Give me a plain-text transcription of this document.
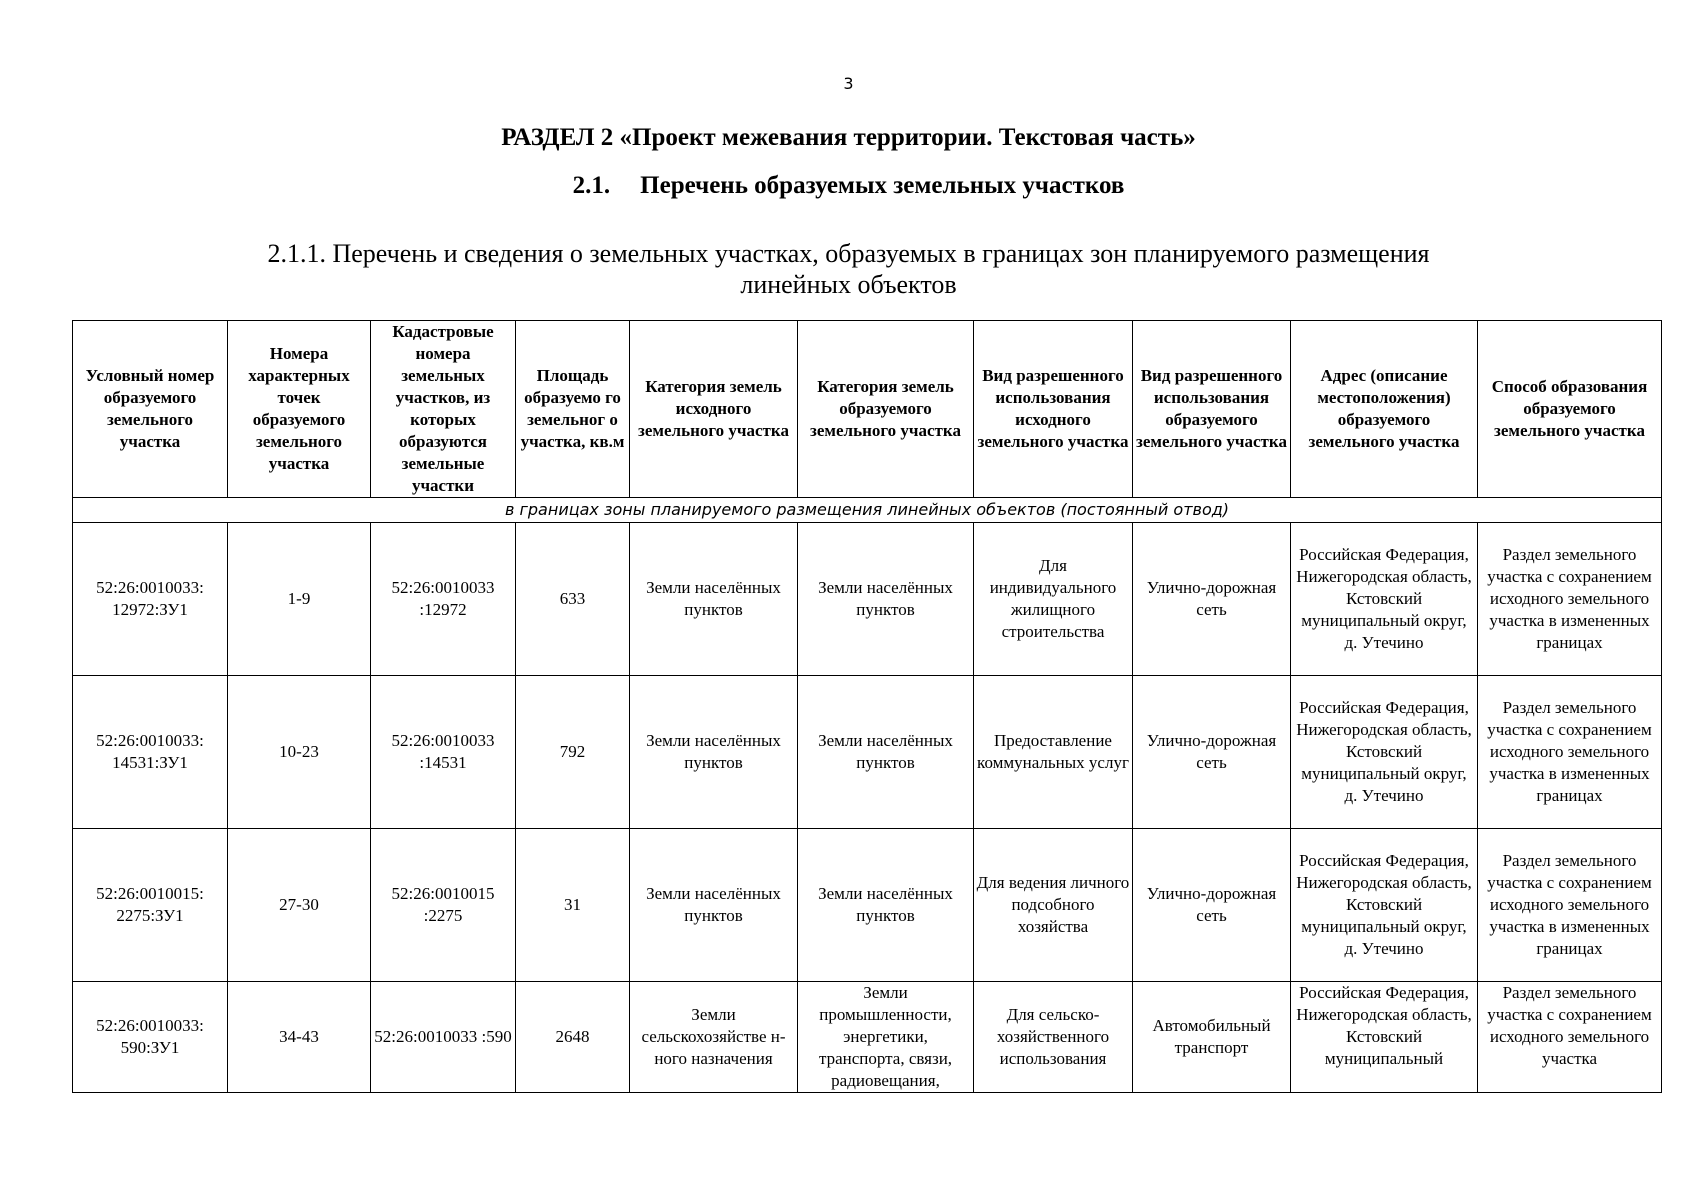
3
РАЗДЕЛ 2 «Проект межевания территории. Текстовая часть»
2.1. Перечень образуемых земельных участков
2.1.1. Перечень и сведения о земельных участках, образуемых в границах зон планируемого размещения
линейных объектов
Условный номер образуемого земельного участка	Номера характерных точек образуемого земельного участка	Кадастровые номера земельных участков, из которых образуются земельные участки	Площадь образуемо го земельног о участка, кв.м	Категория земель исходного земельного участка	Категория земель образуемого земельного участка	Вид разрешенного использования исходного земельного участка	Вид разрешенного использования образуемого земельного участка	Адрес (описание местоположения) образуемого земельного участка	Способ образования образуемого земельного участка
в границах зоны планируемого размещения линейных объектов (постоянный отвод)									
52:26:0010033: 12972:ЗУ1	1-9	52:26:0010033 :12972	633	Земли населённых пунктов	Земли населённых пунктов	Для индивидуального жилищного строительства	Улично-дорожная сеть	Российская Федерация, Нижегородская область, Кстовский муниципальный округ, д. Утечино	Раздел земельного участка с сохранением исходного земельного участка в измененных границах

52:26:0010033: 14531:ЗУ1	10-23	52:26:0010033 :14531	792	Земли населённых пунктов	Земли населённых пунктов	Предоставление коммунальных услуг	Улично-дорожная сеть	Российская Федерация, Нижегородская область, Кстовский муниципальный округ, д. Утечино	Раздел земельного участка с сохранением исходного земельного участка в измененных границах

52:26:0010015: 2275:ЗУ1	27-30	52:26:0010015 :2275	31	Земли населённых пунктов	Земли населённых пунктов	Для ведения личного подсобного хозяйства	Улично-дорожная сеть	Российская Федерация, Нижегородская область, Кстовский муниципальный округ, д. Утечино	Раздел земельного участка с сохранением исходного земельного участка в измененных границах

52:26:0010033: 590:ЗУ1	34-43	52:26:0010033 :590	2648	Земли сельскохозяйстве н-ного назначения	Земли промышленности, энергетики, транспорта, связи, радиовещания,	Для сельско-хозяйственного использования	Автомобильный транспорт	Российская Федерация, Нижегородская область, Кстовский муниципальный	Раздел земельного участка с сохранением исходного земельного участка
